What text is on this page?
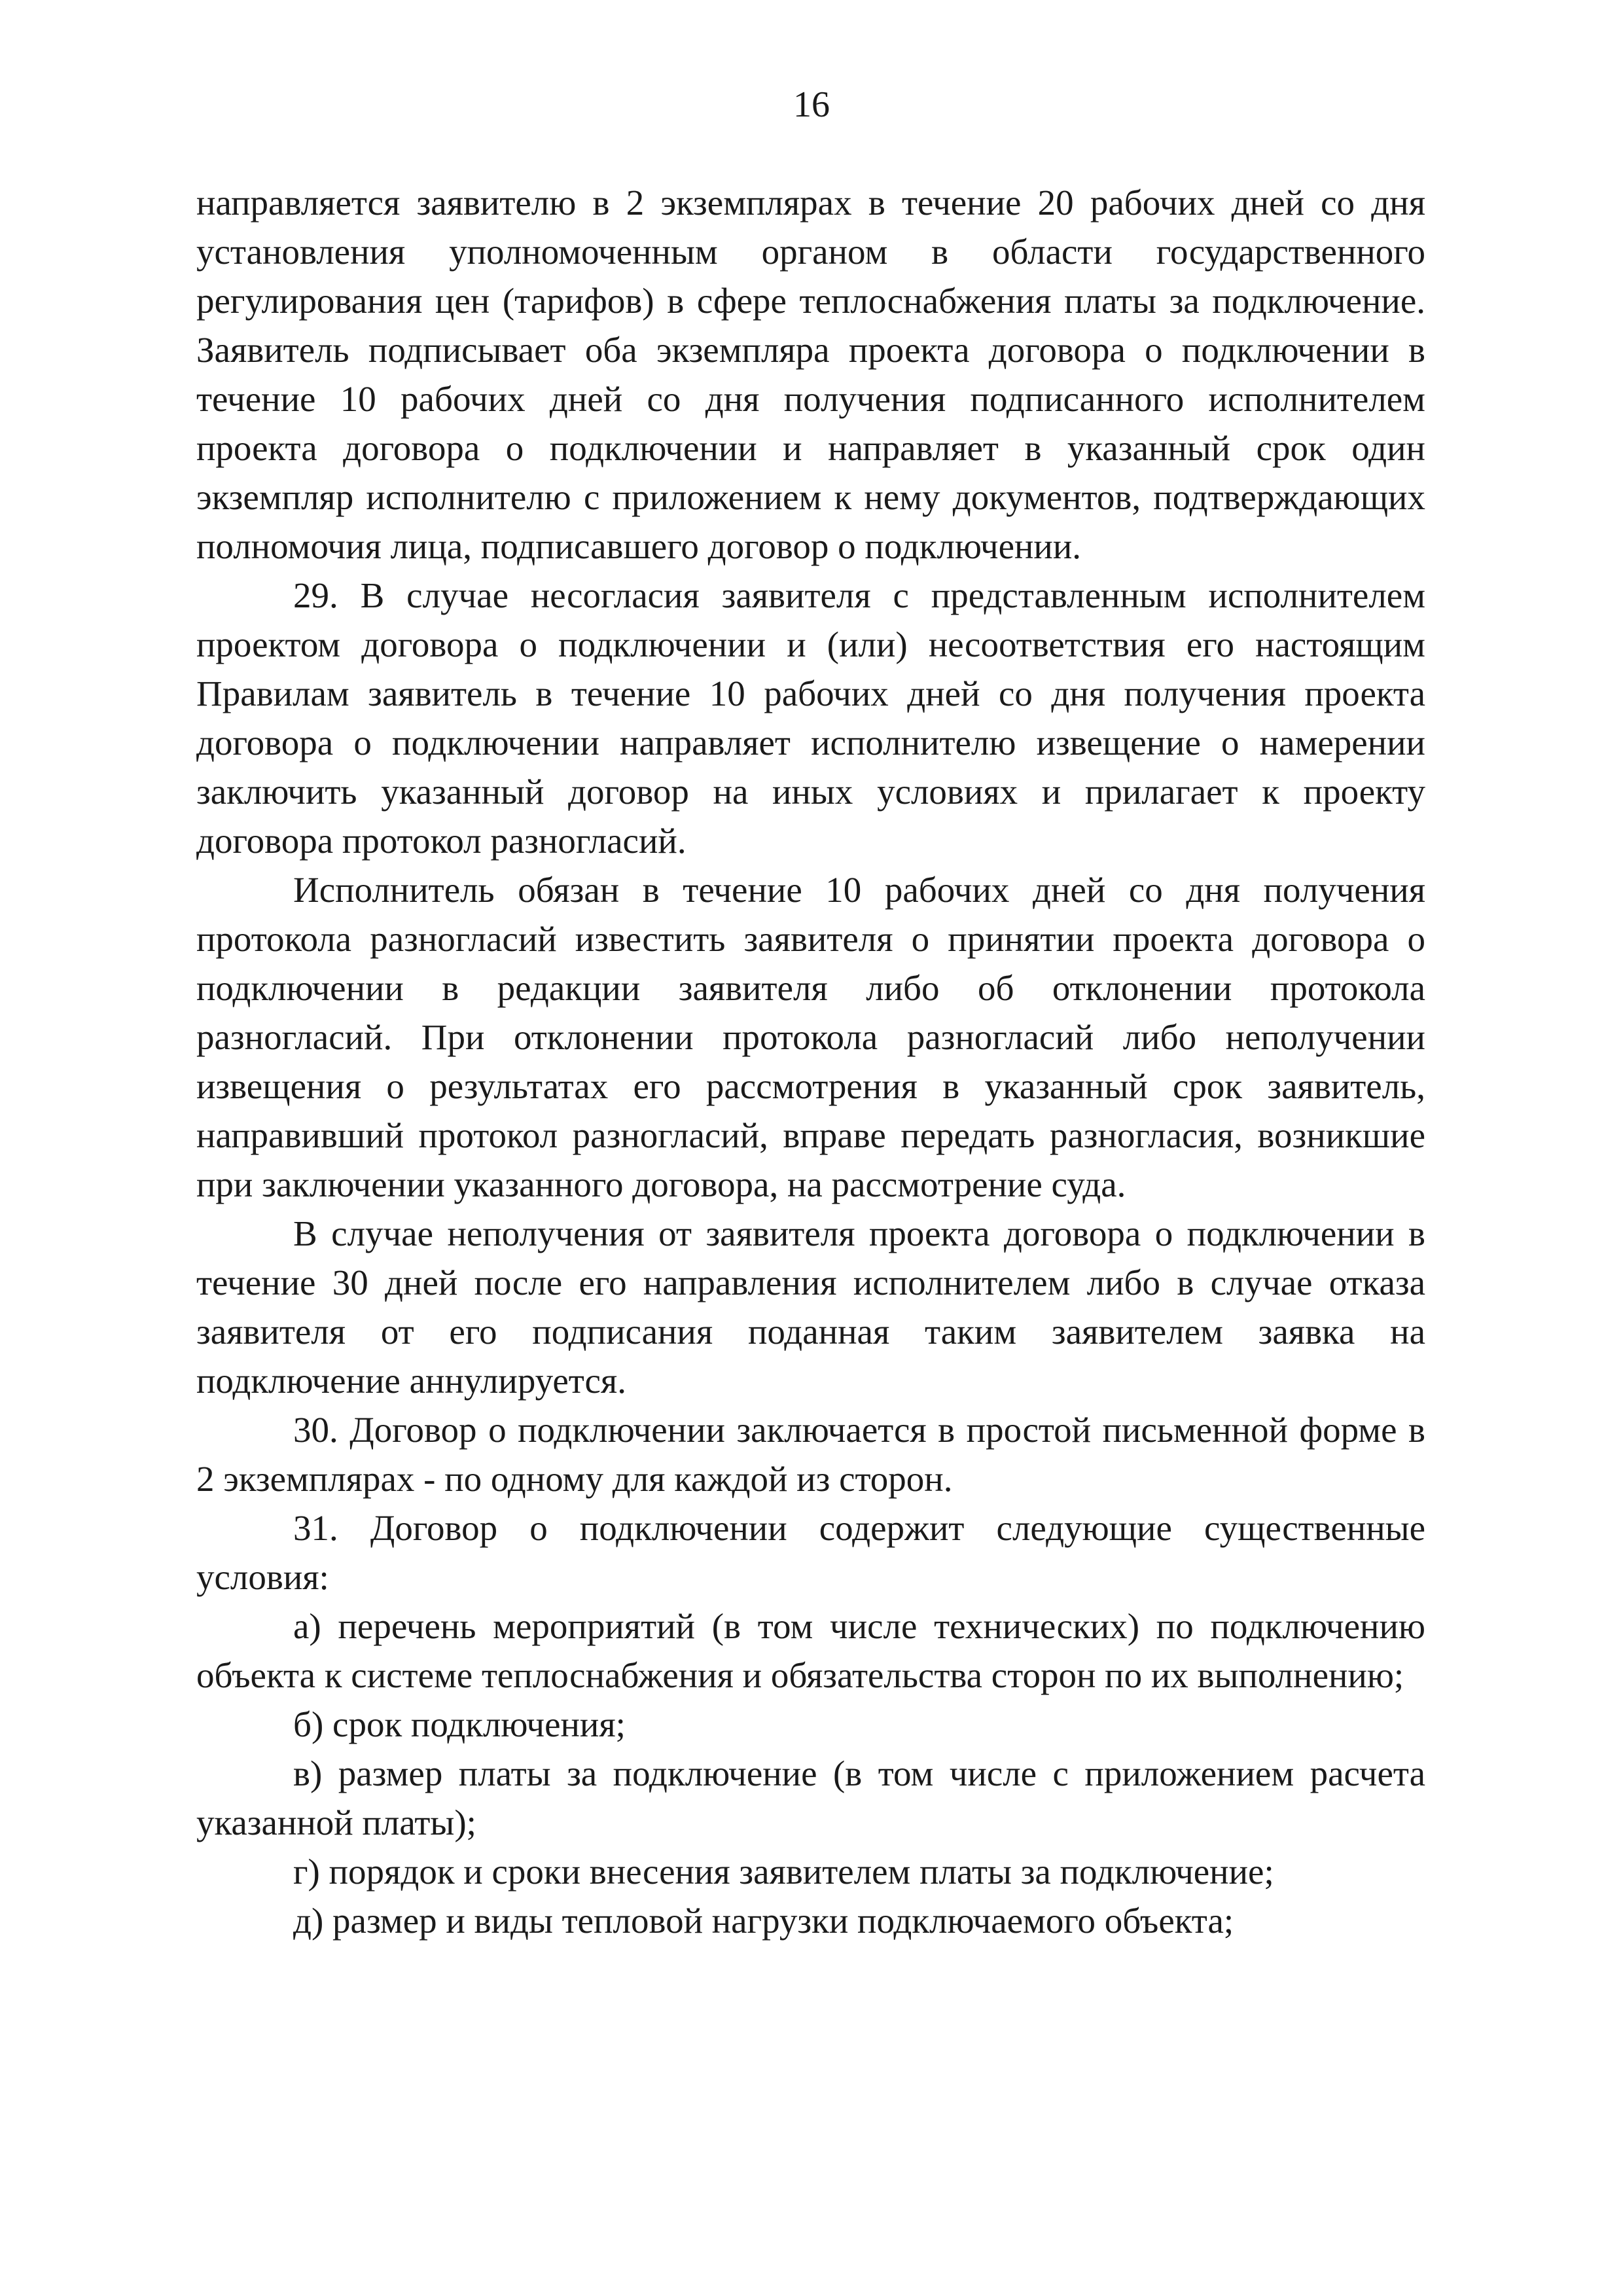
16

направляется заявителю в 2 экземплярах в течение 20 рабочих дней со дня установления уполномоченным органом в области государственного регулирования цен (тарифов) в сфере теплоснабжения платы за подключение. Заявитель подписывает оба экземпляра проекта договора о подключении в течение 10 рабочих дней со дня получения подписанного исполнителем проекта договора о подключении и направляет в указанный срок один экземпляр исполнителю с приложением к нему документов, подтверждающих полномочия лица, подписавшего договор о подключении.

29. В случае несогласия заявителя с представленным исполнителем проектом договора о подключении и (или) несоответствия его настоящим Правилам заявитель в течение 10 рабочих дней со дня получения проекта договора о подключении направляет исполнителю извещение о намерении заключить указанный договор на иных условиях и прилагает к проекту договора протокол разногласий.

Исполнитель обязан в течение 10 рабочих дней со дня получения протокола разногласий известить заявителя о принятии проекта договора о подключении в редакции заявителя либо об отклонении протокола разногласий. При отклонении протокола разногласий либо неполучении извещения о результатах его рассмотрения в указанный срок заявитель, направивший протокол разногласий, вправе передать разногласия, возникшие при заключении указанного договора, на рассмотрение суда.

В случае неполучения от заявителя проекта договора о подключении в течение 30 дней после его направления исполнителем либо в случае отказа заявителя от его подписания поданная таким заявителем заявка на подключение аннулируется.

30. Договор о подключении заключается в простой письменной форме в 2 экземплярах - по одному для каждой из сторон.

31. Договор о подключении содержит следующие существенные условия:

а) перечень мероприятий (в том числе технических) по подключению объекта к системе теплоснабжения и обязательства сторон по их выполнению;

б) срок подключения;

в) размер платы за подключение (в том числе с приложением расчета указанной платы);

г) порядок и сроки внесения заявителем платы за подключение;

д) размер и виды тепловой нагрузки подключаемого объекта;
